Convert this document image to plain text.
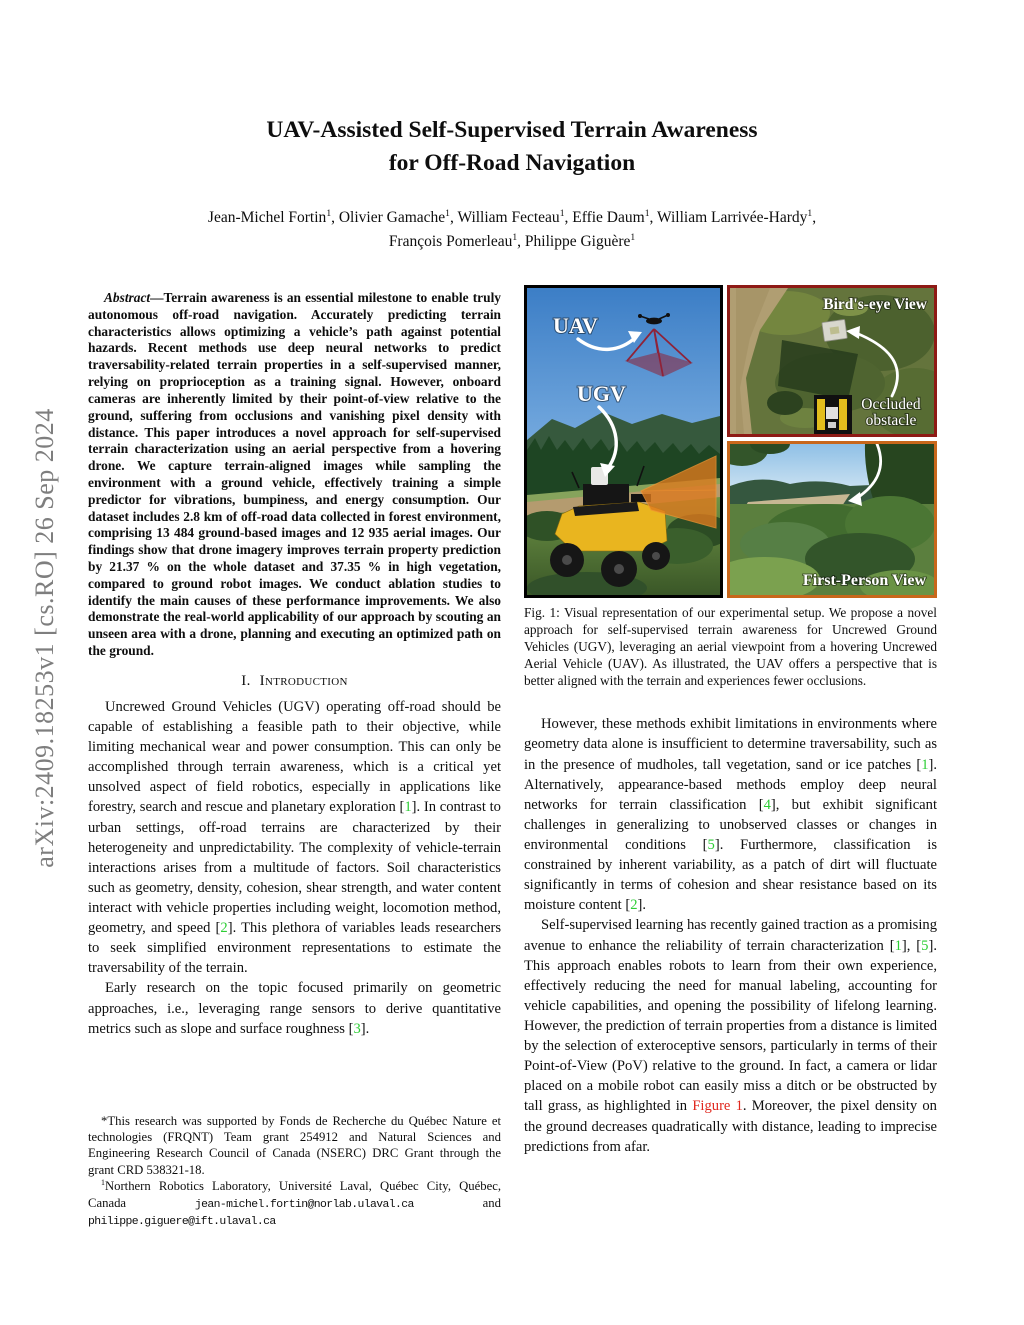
arXiv:2409.18253v1 [cs.RO] 26 Sep 2024
UAV-Assisted Self-Supervised Terrain Awareness
for Off-Road Navigation
Jean-Michel Fortin$^1$, Olivier Gamache$^1$, William Fecteau$^1$, Effie Daum$^1$, William Larrivée-Hardy$^1$,
François Pomerleau$^1$, Philippe Giguère$^1$

Abstract—Terrain awareness is an essential milestone to enable truly autonomous off-road navigation. Accurately predicting terrain characteristics allows optimizing a vehicle’s path against potential hazards. Recent methods use deep neural networks to predict traversability-related terrain properties in a self-supervised manner, relying on proprioception as a training signal. However, onboard cameras are inherently limited by their point-of-view relative to the ground, suffering from occlusions and vanishing pixel density with distance. This paper introduces a novel approach for self-supervised terrain characterization using an aerial perspective from a hovering drone. We capture terrain-aligned images while sampling the environment with a ground vehicle, effectively training a simple predictor for vibrations, bumpiness, and energy consumption. Our dataset includes 2.8 km of off-road data collected in forest environment, comprising 13 484 ground-based images and 12 935 aerial images. Our findings show that drone imagery improves terrain property prediction by 21.37 % on the whole dataset and 37.35 % in high vegetation, compared to ground robot images. We conduct ablation studies to identify the main causes of these performance improvements. We also demonstrate the real-world applicability of our approach by scouting an unseen area with a drone, planning and executing an optimized path on the ground.

I. Introduction

Uncrewed Ground Vehicles (UGV) operating off-road should be capable of establishing a feasible path to their objective, while limiting mechanical wear and power consumption. This can only be accomplished through terrain awareness, which is a critical yet unsolved aspect of field robotics, especially in applications like forestry, search and rescue and planetary exploration [1]. In contrast to urban settings, off-road terrains are characterized by their heterogeneity and unpredictability. The complexity of vehicle-terrain interactions arises from a multitude of factors. Soil characteristics such as geometry, density, cohesion, shear strength, and water content interact with vehicle properties including weight, locomotion method, geometry, and speed [2]. This plethora of variables leads researchers to seek simplified environment representations to estimate the traversability of the terrain.

Early research on the topic focused primarily on geometric approaches, i.e., leveraging range sensors to derive quantitative metrics such as slope and surface roughness [3].

*This research was supported by Fonds de Recherche du Québec Nature et technologies (FRQNT) Team grant 254912 and Natural Sciences and Engineering Research Council of Canada (NSERC) DRC Grant through the grant CRD 538321-18.

$^1$Northern Robotics Laboratory, Université Laval, Québec City, Québec, Canada jean-michel.fortin@norlab.ulaval.ca and philippe.giguere@ift.ulaval.ca

UAV
UGV
Bird's-eye View
Occluded
obstacle
First-Person View
Fig. 1: Visual representation of our experimental setup. We propose a novel approach for self-supervised terrain awareness for Uncrewed Ground Vehicles (UGV), leveraging an aerial viewpoint from a hovering Uncrewed Aerial Vehicle (UAV). As illustrated, the UAV offers a perspective that is better aligned with the terrain and experiences fewer occlusions.

However, these methods exhibit limitations in environments where geometry data alone is insufficient to determine traversability, such as in the presence of mudholes, tall vegetation, sand or ice patches [1]. Alternatively, appearance-based methods employ deep neural networks for terrain classification [4], but exhibit significant challenges in generalizing to unobserved classes or changes in environmental conditions [5]. Furthermore, classification is constrained by inherent variability, as a patch of dirt will fluctuate significantly in terms of cohesion and shear resistance based on its moisture content [2].

Self-supervised learning has recently gained traction as a promising avenue to enhance the reliability of terrain characterization [1], [5]. This approach enables robots to learn from their own experience, effectively reducing the need for manual labeling, accounting for vehicle capabilities, and opening the possibility of lifelong learning. However, the prediction of terrain properties from a distance is limited by the selection of exteroceptive sensors, particularly in terms of their Point-of-View (PoV) relative to the ground. In fact, a camera or lidar placed on a mobile robot can easily miss a ditch or be obstructed by tall grass, as highlighted in Figure 1. Moreover, the pixel density on the ground decreases quadratically with distance, leading to imprecise predictions from afar.
